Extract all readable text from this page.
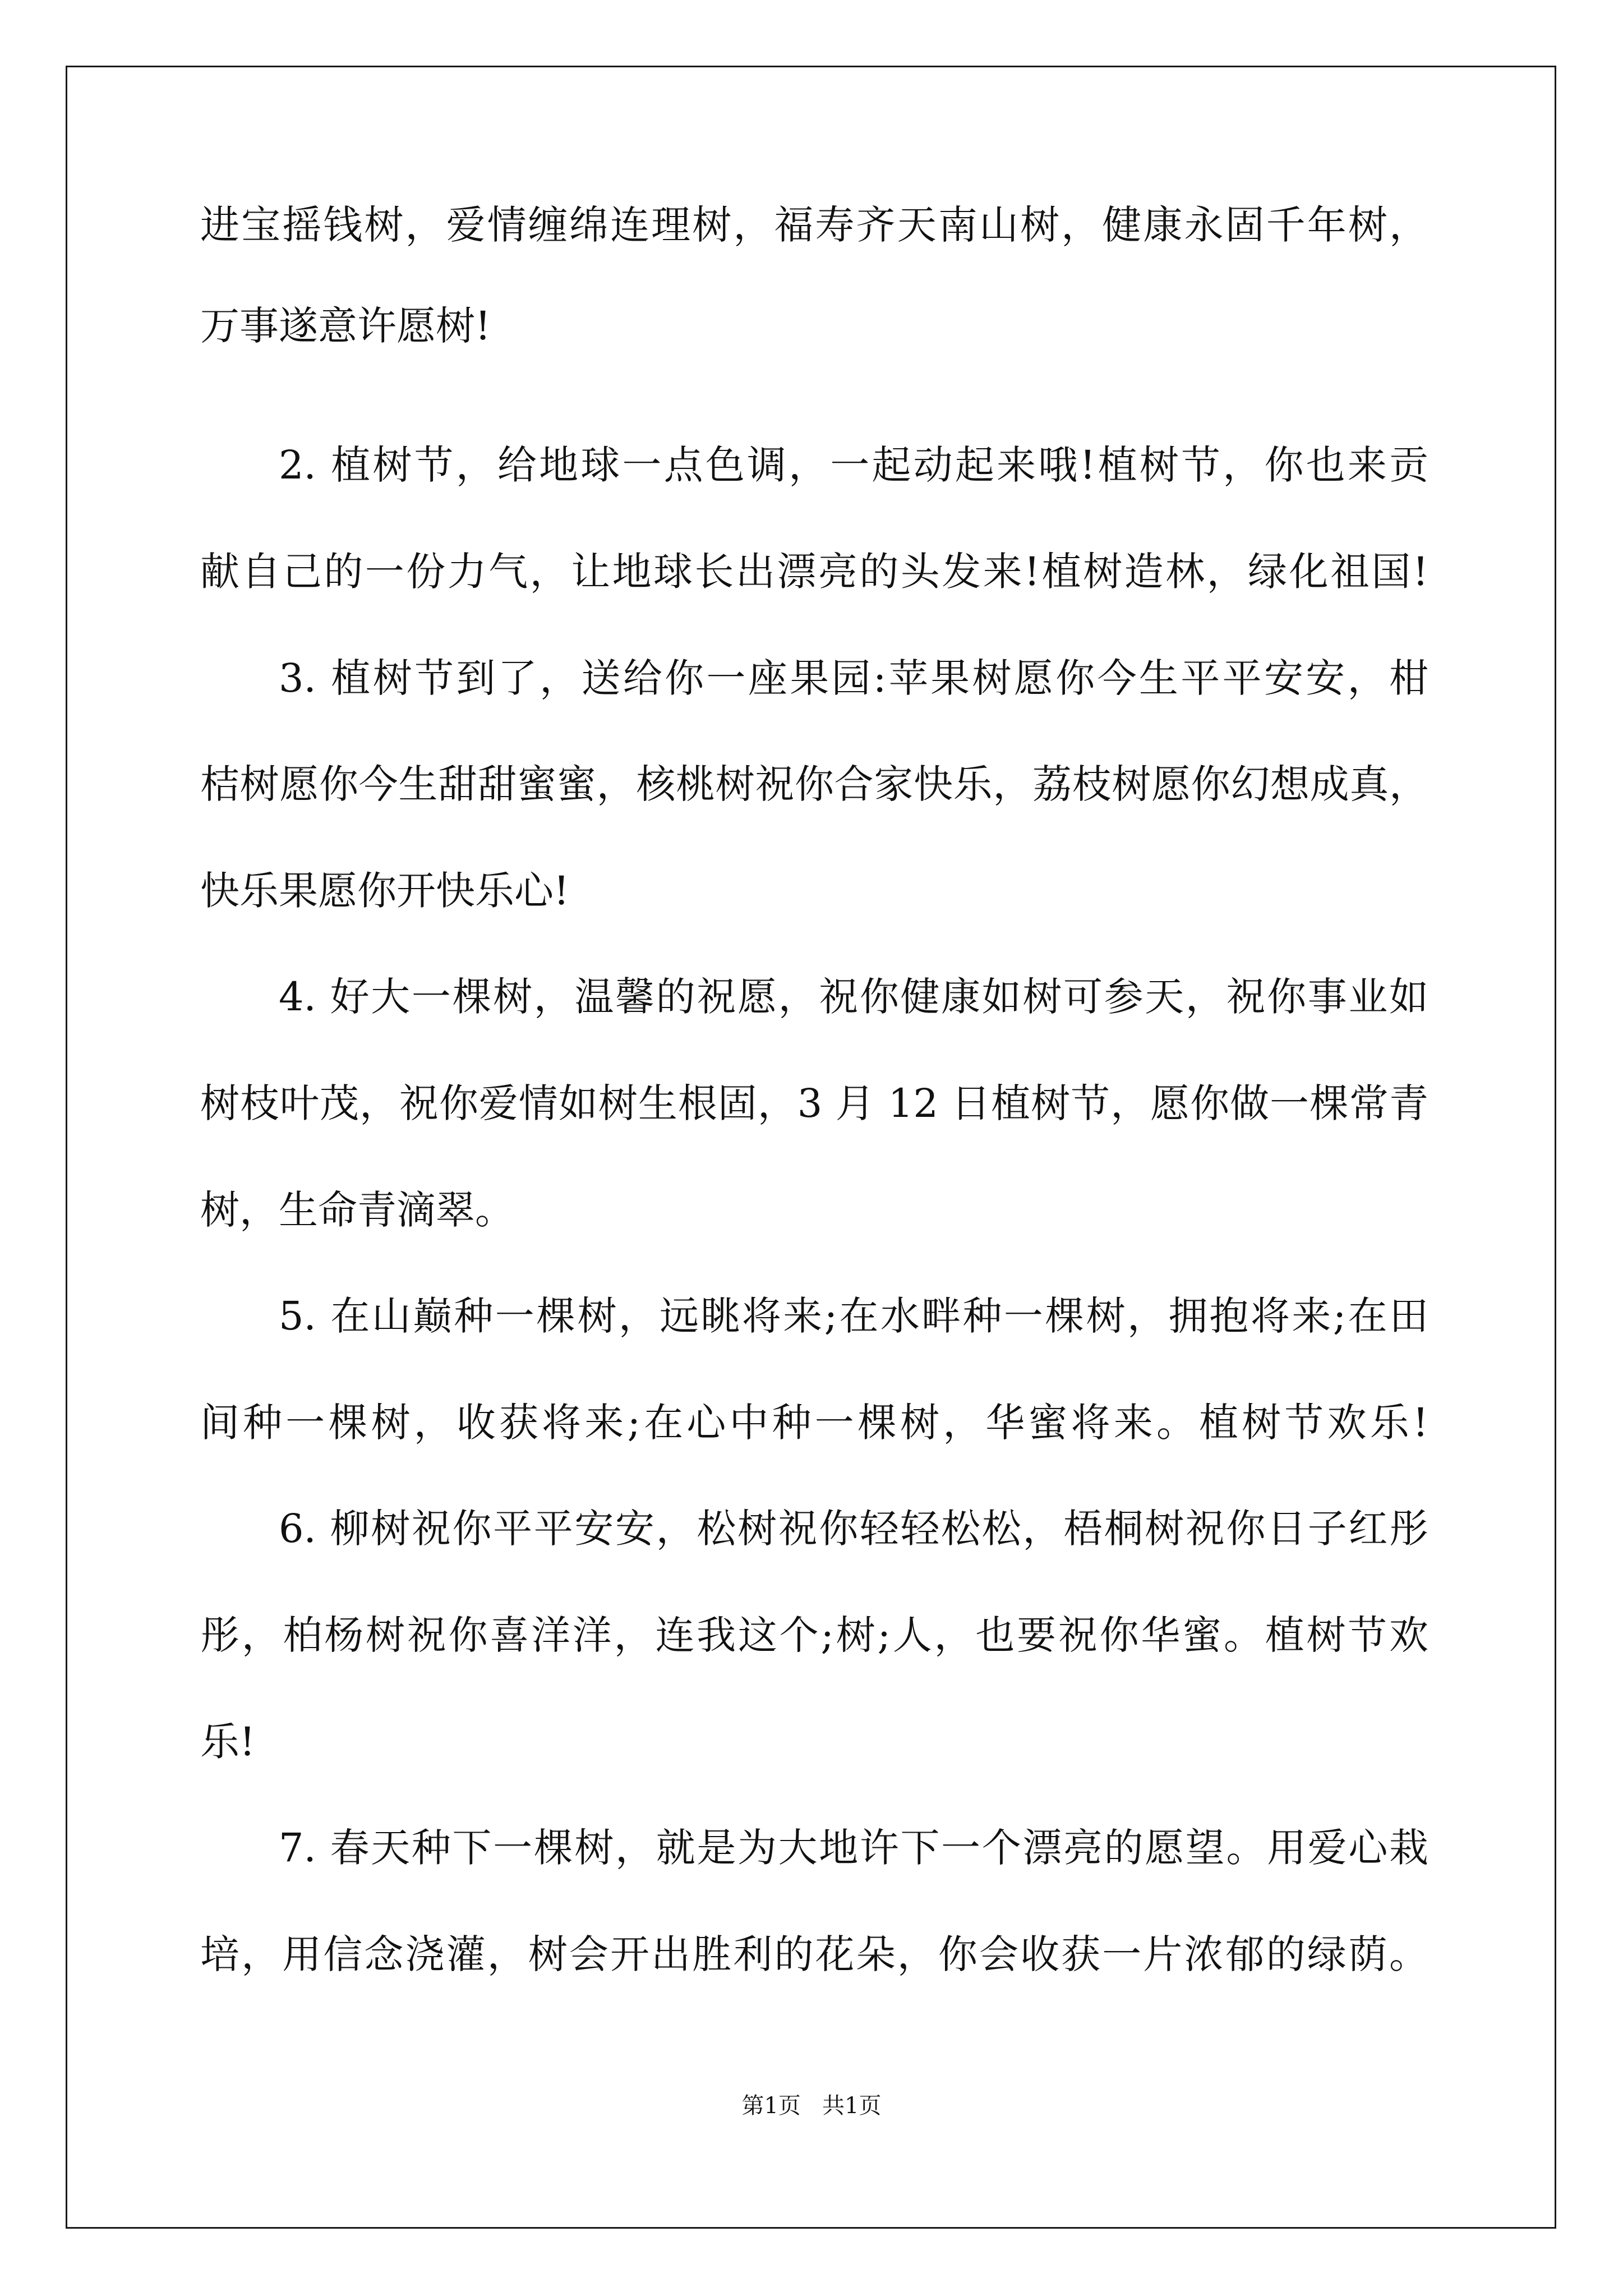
进宝摇钱树，爱情缠绵连理树，福寿齐天南山树，健康永固千年树，
万事遂意许愿树!
2. 植树节，给地球一点色调，一起动起来哦!植树节，你也来贡
献自己的一份力气，让地球长出漂亮的头发来!植树造林，绿化祖国!
3. 植树节到了，送给你一座果园:苹果树愿你今生平平安安，柑
桔树愿你今生甜甜蜜蜜，核桃树祝你合家快乐，荔枝树愿你幻想成真，
快乐果愿你开快乐心!
4. 好大一棵树，温馨的祝愿，祝你健康如树可参天，祝你事业如
树枝叶茂，祝你爱情如树生根固，3 月 12 日植树节，愿你做一棵常青
树，生命青滴翠。
5. 在山巅种一棵树，远眺将来;在水畔种一棵树，拥抱将来;在田
间种一棵树，收获将来;在心中种一棵树，华蜜将来。植树节欢乐!
6. 柳树祝你平平安安，松树祝你轻轻松松，梧桐树祝你日子红彤
彤，柏杨树祝你喜洋洋，连我这个;树;人，也要祝你华蜜。植树节欢
乐!
7. 春天种下一棵树，就是为大地许下一个漂亮的愿望。用爱心栽
培，用信念浇灌，树会开出胜利的花朵，你会收获一片浓郁的绿荫。
第1页   共1页
